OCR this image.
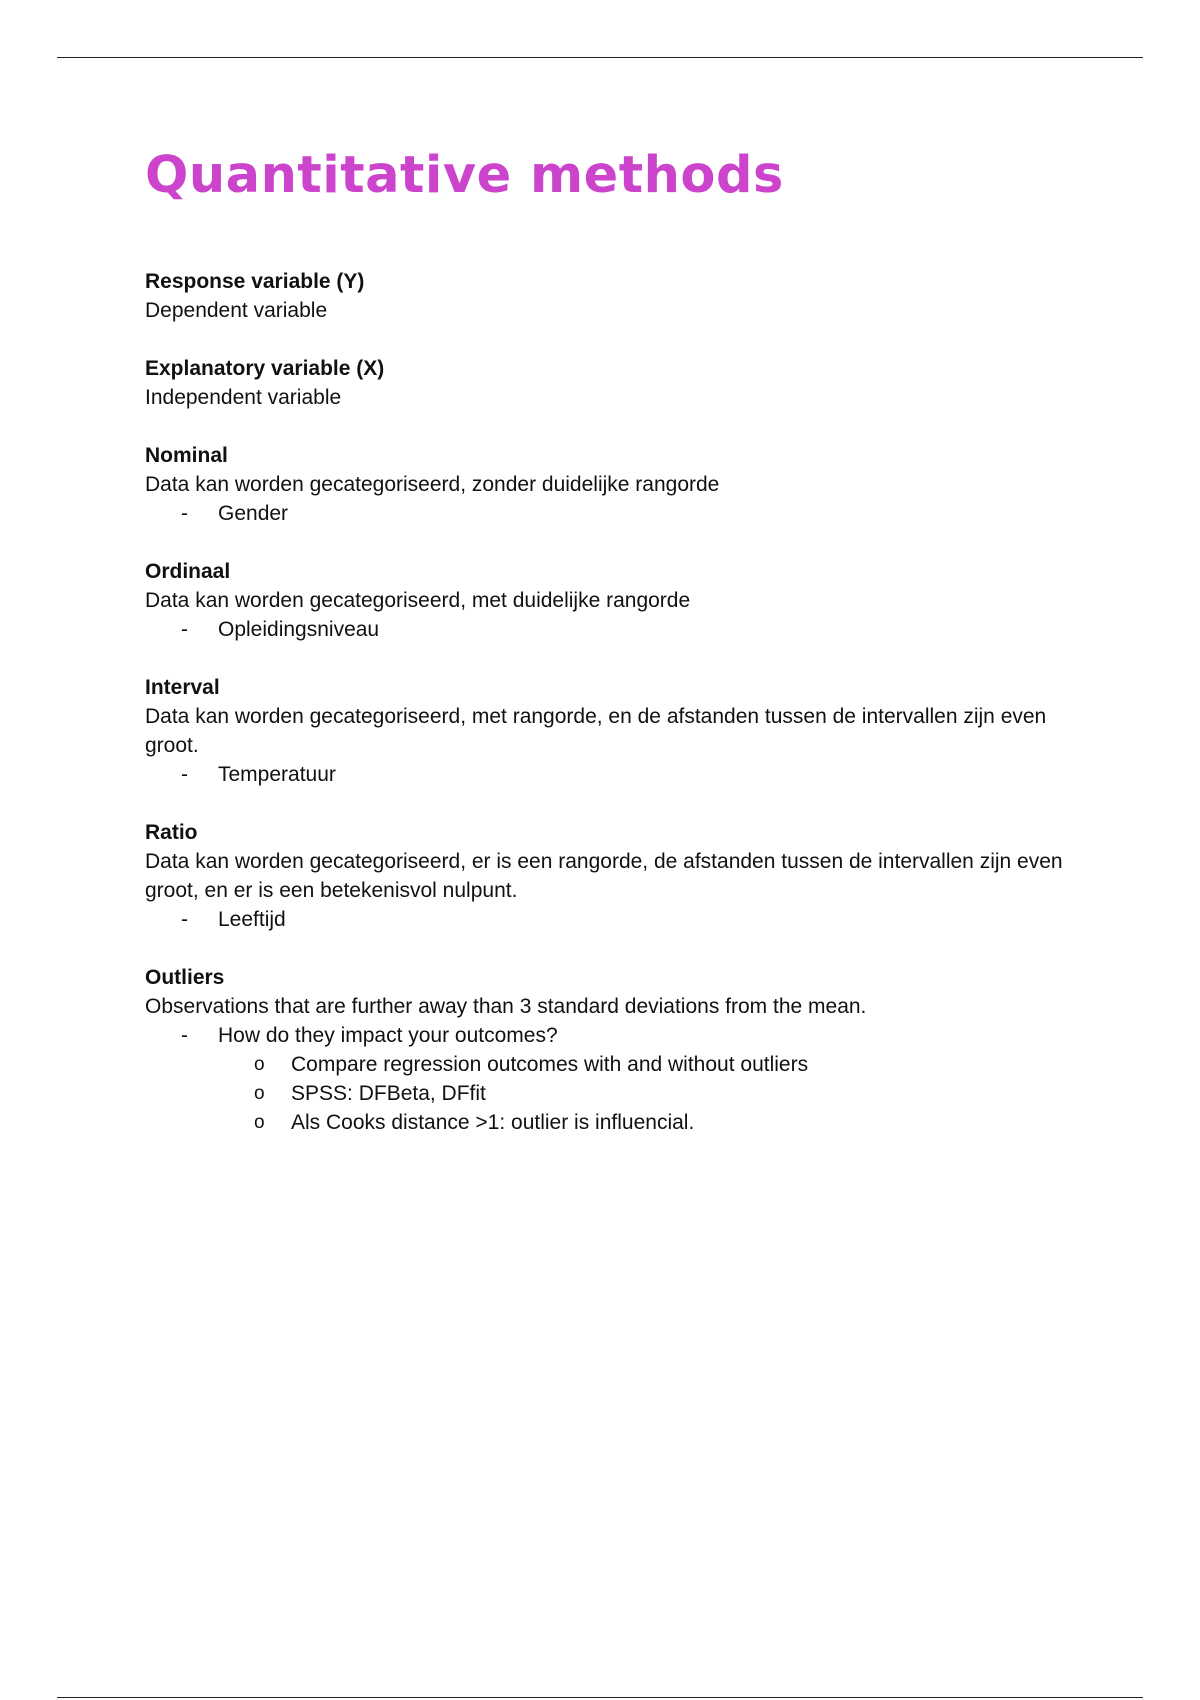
Quantitative methods
Response variable (Y)
Dependent variable
Explanatory variable (X)
Independent variable
Nominal
Data kan worden gecategoriseerd, zonder duidelijke rangorde
- Gender
Ordinaal
Data kan worden gecategoriseerd, met duidelijke rangorde
- Opleidingsniveau
Interval
Data kan worden gecategoriseerd, met rangorde, en de afstanden tussen de intervallen zijn even groot.
- Temperatuur
Ratio
Data kan worden gecategoriseerd, er is een rangorde, de afstanden tussen de intervallen zijn even groot, en er is een betekenisvol nulpunt.
- Leeftijd
Outliers
Observations that are further away than 3 standard deviations from the mean.
- How do they impact your outcomes?
o Compare regression outcomes with and without outliers
o SPSS: DFBeta, DFfit
o Als Cooks distance >1: outlier is influencial.
